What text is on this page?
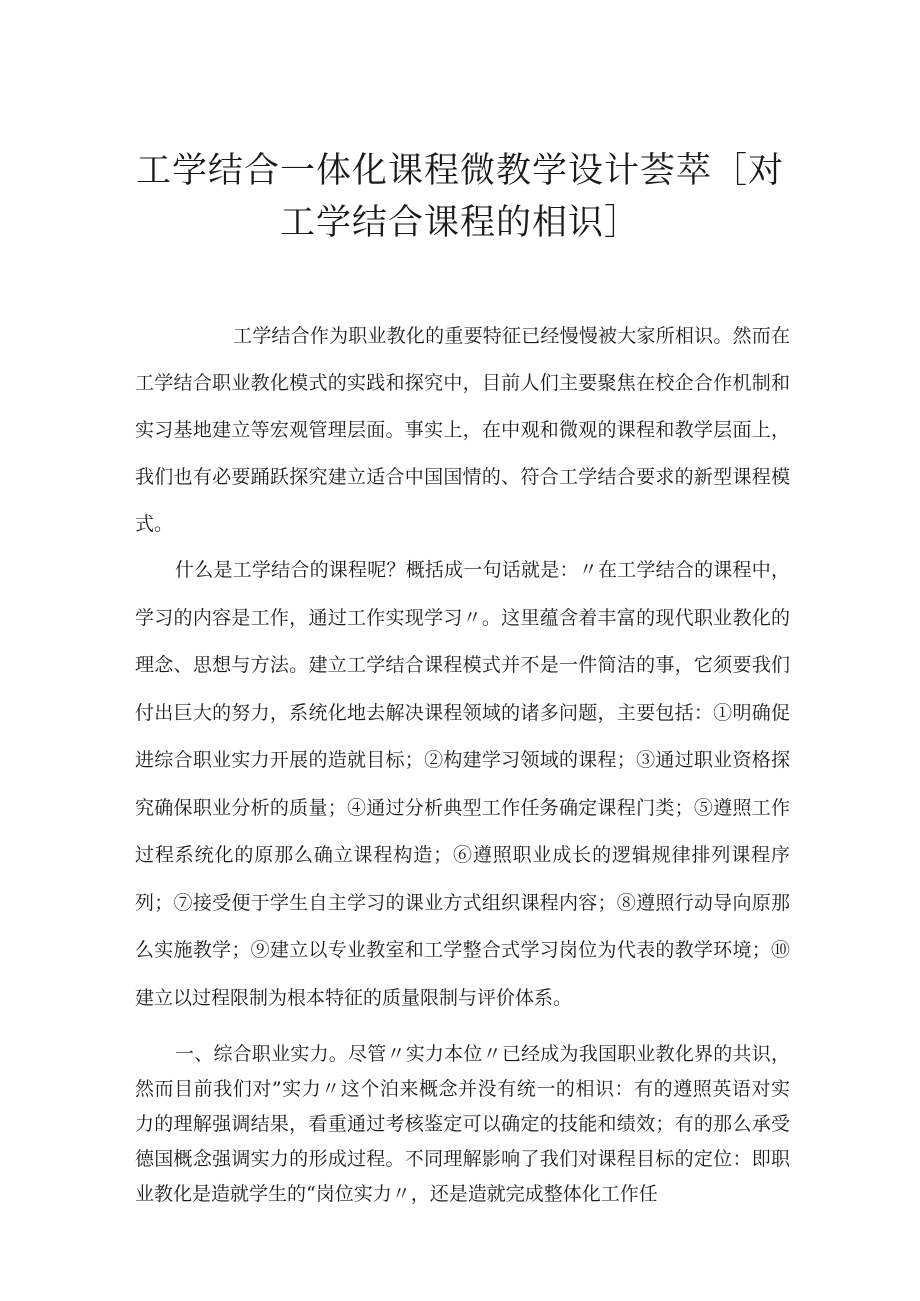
工学结合一体化课程微教学设计荟萃［对
工学结合课程的相识］

工学结合作为职业教化的重要特征已经慢慢被大家所相识。然而在工学结合职业教化模式的实践和探究中，目前人们主要聚焦在校企合作机制和实习基地建立等宏观管理层面。事实上，在中观和微观的课程和教学层面上，我们也有必要踊跃探究建立适合中国国情的、符合工学结合要求的新型课程模式。

什么是工学结合的课程呢？概括成一句话就是：〃在工学结合的课程中，学习的内容是工作，通过工作实现学习〃。这里蕴含着丰富的现代职业教化的理念、思想与方法。建立工学结合课程模式并不是一件简洁的事，它须要我们付出巨大的努力，系统化地去解决课程领域的诸多问题，主要包括：①明确促进综合职业实力开展的造就目标；②构建学习领域的课程；③通过职业资格探究确保职业分析的质量；④通过分析典型工作任务确定课程门类；⑤遵照工作过程系统化的原那么确立课程构造；⑥遵照职业成长的逻辑规律排列课程序列；⑦接受便于学生自主学习的课业方式组织课程内容；⑧遵照行动导向原那么实施教学；⑨建立以专业教室和工学整合式学习岗位为代表的教学环境；⑩建立以过程限制为根本特征的质量限制与评价体系。

一、综合职业实力。尽管〃实力本位〃已经成为我国职业教化界的共识，然而目前我们对”实力〃这个泊来概念并没有统一的相识：有的遵照英语对实力的理解强调结果，看重通过考核鉴定可以确定的技能和绩效；有的那么承受德国概念强调实力的形成过程。不同理解影响了我们对课程目标的定位：即职业教化是造就学生的“岗位实力〃，还是造就完成整体化工作任
